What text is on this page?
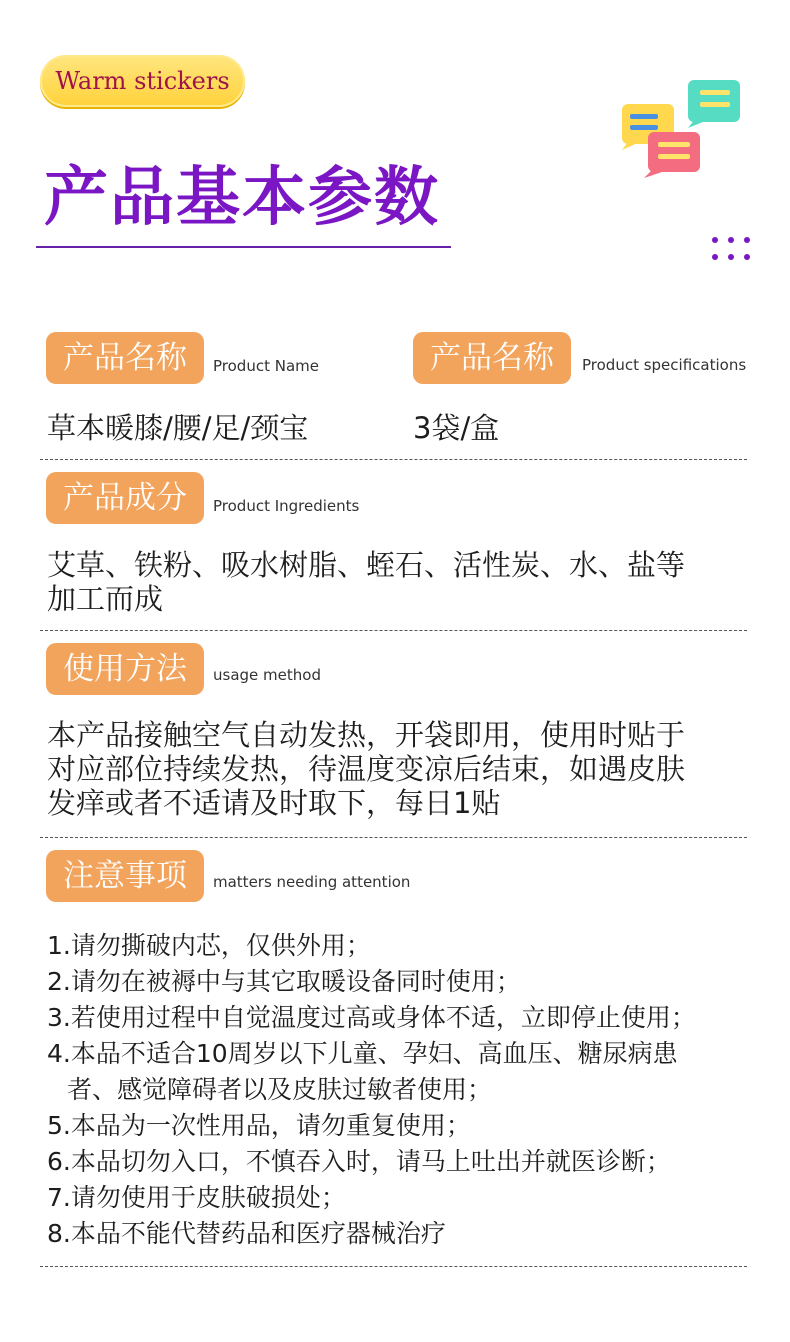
Warm stickers
产品基本参数
产品名称	Product Name
草本暖膝/腰/足/颈宝
产品名称	Product specifications
3袋/盒
产品成分	Product Ingredients
艾草、铁粉、吸水树脂、蛭石、活性炭、水、盐等
加工而成
使用方法	usage method
本产品接触空气自动发热，开袋即用，使用时贴于
对应部位持续发热，待温度变凉后结束，如遇皮肤
发痒或者不适请及时取下，每日1贴
注意事项	matters needing attention
1.请勿撕破内芯，仅供外用；
2.请勿在被褥中与其它取暖设备同时使用；
3.若使用过程中自觉温度过高或身体不适，立即停止使用；
4.本品不适合10周岁以下儿童、孕妇、高血压、糖尿病患
者、感觉障碍者以及皮肤过敏者使用；
5.本品为一次性用品，请勿重复使用；
6.本品切勿入口，不慎吞入时，请马上吐出并就医诊断；
7.请勿使用于皮肤破损处；
8.本品不能代替药品和医疗器械治疗
